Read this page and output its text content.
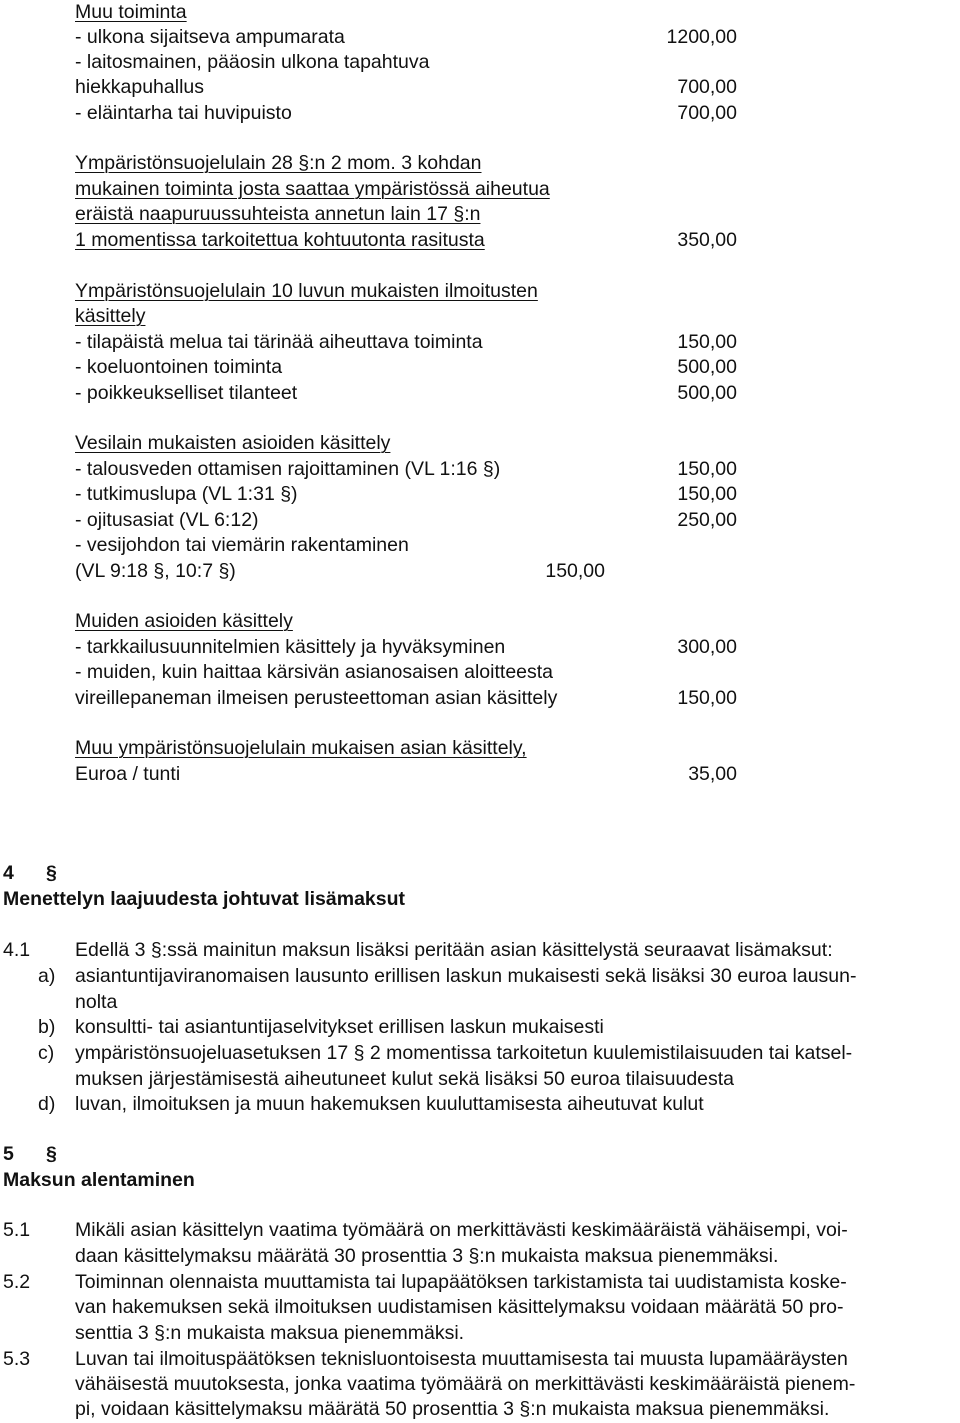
Muu toiminta
- ulkona sijaitseva ampumarata	1200,00
- laitosmainen, pääosin ulkona tapahtuva
hiekkapuhallus	700,00
- eläintarha tai huvipuisto	700,00
Ympäristönsuojelulain 28 §:n 2 mom. 3 kohdan
mukainen toiminta josta saattaa ympäristössä aiheutua
eräistä naapuruussuhteista annetun lain 17 §:n
1 momentissa tarkoitettua kohtuutonta rasitusta	350,00
Ympäristönsuojelulain 10 luvun mukaisten ilmoitusten
käsittely
- tilapäistä melua tai tärinää aiheuttava toiminta	150,00
- koeluontoinen toiminta	500,00
- poikkeukselliset tilanteet	500,00
Vesilain mukaisten asioiden käsittely
- talousveden ottamisen rajoittaminen (VL 1:16 §)	150,00
- tutkimuslupa (VL 1:31 §)	150,00
- ojitusasiat (VL 6:12)	250,00
- vesijohdon tai viemärin rakentaminen
(VL 9:18 §, 10:7 §)	150,00
Muiden asioiden käsittely
- tarkkailusuunnitelmien käsittely ja hyväksyminen	300,00
- muiden, kuin haittaa kärsivän asianosaisen aloitteesta
vireillepaneman ilmeisen perusteettoman asian käsittely	150,00
Muu ympäristönsuojelulain mukaisen asian käsittely,
Euroa / tunti	35,00
4 §
Menettelyn laajuudesta johtuvat lisämaksut
4.1 Edellä 3 §:ssä mainitun maksun lisäksi peritään asian käsittelystä seuraavat lisämaksut:
a) asiantuntijaviranomaisen lausunto erillisen laskun mukaisesti sekä lisäksi 30 euroa lausun-
nolta
b) konsultti- tai asiantuntijaselvitykset erillisen laskun mukaisesti
c) ympäristönsuojeluasetuksen 17 § 2 momentissa tarkoitetun kuulemistilaisuuden tai katsel-
muksen järjestämisestä aiheutuneet kulut sekä lisäksi 50 euroa tilaisuudesta
d) luvan, ilmoituksen ja muun hakemuksen kuuluttamisesta aiheutuvat kulut
5 §
Maksun alentaminen
5.1 Mikäli asian käsittelyn vaatima työmäärä on merkittävästi keskimääräistä vähäisempi, voi-
daan käsittelymaksu määrätä 30 prosenttia 3 §:n mukaista maksua pienemmäksi.
5.2 Toiminnan olennaista muuttamista tai lupapäätöksen tarkistamista tai uudistamista koske-
van hakemuksen sekä ilmoituksen uudistamisen käsittelymaksu voidaan määrätä 50 pro-
senttia 3 §:n mukaista maksua pienemmäksi.
5.3 Luvan tai ilmoituspäätöksen teknisluontoisesta muuttamisesta tai muusta lupamääräysten
vähäisestä muutoksesta, jonka vaatima työmäärä on merkittävästi keskimääräistä pienem-
pi, voidaan käsittelymaksu määrätä 50 prosenttia 3 §:n mukaista maksua pienemmäksi.
